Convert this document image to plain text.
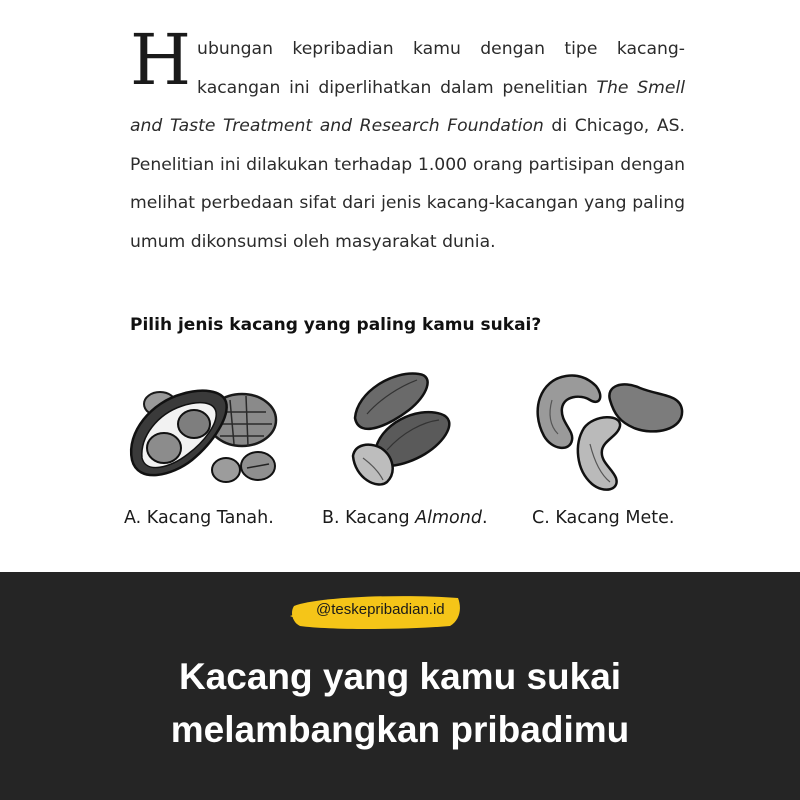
Hubungan kepribadian kamu dengan tipe kacang-kacangan ini diperlihatkan dalam penelitian The Smell and Taste Treatment and Research Foundation di Chicago, AS. Penelitian ini dilakukan terhadap 1.000 orang partisipan dengan melihat perbedaan sifat dari jenis kacang-kacangan yang paling umum dikonsumsi oleh masyarakat dunia.

Pilih jenis kacang yang paling kamu sukai?

A. Kacang Tanah.	B. Kacang Almond.	C. Kacang Mete.
@teskepribadian.id

Kacang yang kamu sukai

melambangkan pribadimu
